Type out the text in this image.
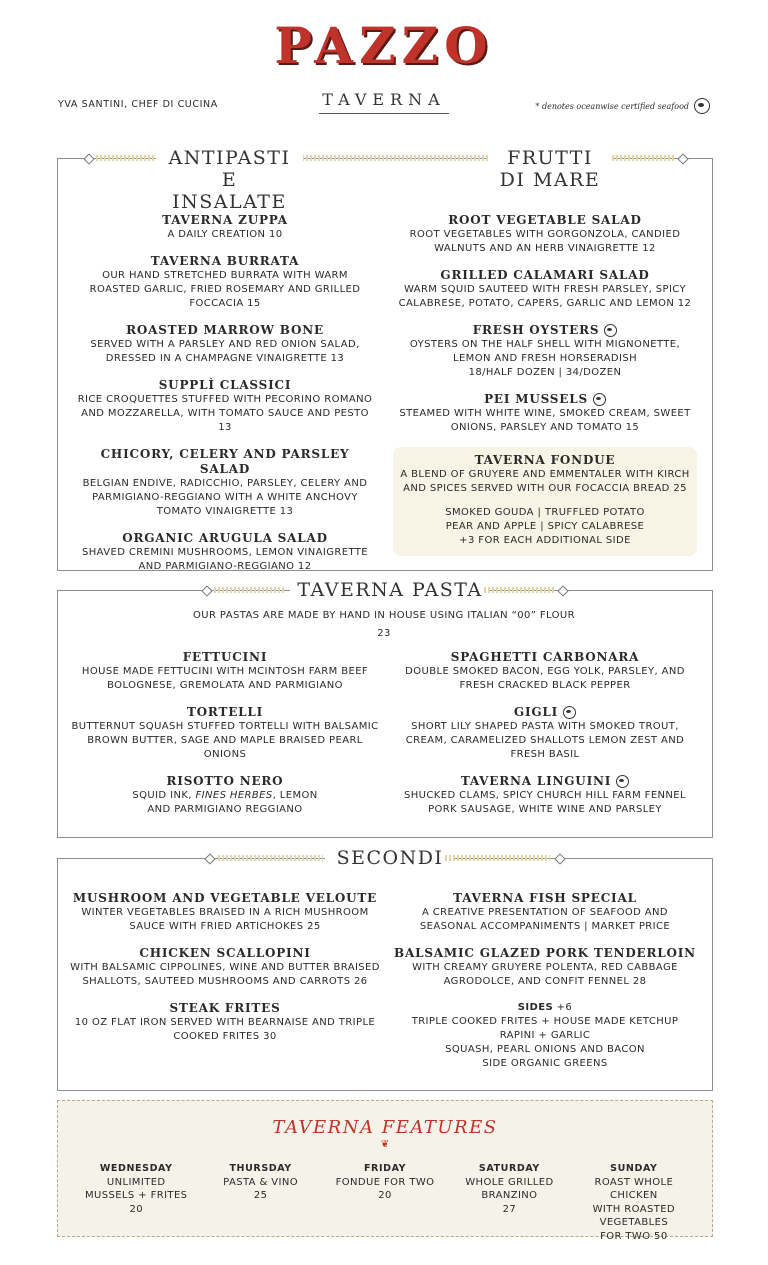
PAZZO
TAVERNA
YVA SANTINI, CHEF DI CUCINA	* denotes oceanwise certified seafood
ANTIPASTI
E INSALATE
FRUTTI
DI MARE
TAVERNA ZUPPA
A DAILY CREATION 10
TAVERNA BURRATA
OUR HAND STRETCHED BURRATA WITH WARM ROASTED GARLIC, FRIED ROSEMARY AND GRILLED FOCCACIA 15
ROASTED MARROW BONE
SERVED WITH A PARSLEY AND RED ONION SALAD, DRESSED IN A CHAMPAGNE VINAIGRETTE 13
SUPPLÌ CLASSICI
RICE CROQUETTES STUFFED WITH PECORINO ROMANO AND MOZZARELLA, WITH TOMATO SAUCE AND PESTO 13
CHICORY, CELERY AND PARSLEY SALAD
BELGIAN ENDIVE, RADICCHIO, PARSLEY, CELERY AND PARMIGIANO-REGGIANO WITH A WHITE ANCHOVY TOMATO VINAIGRETTE 13
ORGANIC ARUGULA SALAD
SHAVED CREMINI MUSHROOMS, LEMON VINAIGRETTE AND PARMIGIANO-REGGIANO 12
ROOT VEGETABLE SALAD
ROOT VEGETABLES WITH GORGONZOLA, CANDIED WALNUTS AND AN HERB VINAIGRETTE 12
GRILLED CALAMARI SALAD
WARM SQUID SAUTEED WITH FRESH PARSLEY, SPICY CALABRESE, POTATO, CAPERS, GARLIC AND LEMON 12
FRESH OYSTERS
OYSTERS ON THE HALF SHELL WITH MIGNONETTE, LEMON AND FRESH HORSERADISH
18/HALF DOZEN | 34/DOZEN
PEI MUSSELS
STEAMED WITH WHITE WINE, SMOKED CREAM, SWEET ONIONS, PARSLEY AND TOMATO 15
TAVERNA FONDUE
A BLEND OF GRUYERE AND EMMENTALER WITH KIRCH AND SPICES SERVED WITH OUR FOCACCIA BREAD 25
SMOKED GOUDA | TRUFFLED POTATO
PEAR AND APPLE | SPICY CALABRESE
+3 FOR EACH ADDITIONAL SIDE
TAVERNA PASTA
OUR PASTAS ARE MADE BY HAND IN HOUSE USING ITALIAN “00” FLOUR
23
FETTUCINI
HOUSE MADE FETTUCINI WITH MCINTOSH FARM BEEF BOLOGNESE, GREMOLATA AND PARMIGIANO
TORTELLI
BUTTERNUT SQUASH STUFFED TORTELLI WITH BALSAMIC BROWN BUTTER, SAGE AND MAPLE BRAISED PEARL ONIONS
RISOTTO NERO
SQUID INK, FINES HERBES, LEMON
AND PARMIGIANO REGGIANO
SPAGHETTI CARBONARA
DOUBLE SMOKED BACON, EGG YOLK, PARSLEY, AND FRESH CRACKED BLACK PEPPER
GIGLI
SHORT LILY SHAPED PASTA WITH SMOKED TROUT, CREAM, CARAMELIZED SHALLOTS LEMON ZEST AND FRESH BASIL
TAVERNA LINGUINI
SHUCKED CLAMS, SPICY CHURCH HILL FARM FENNEL PORK SAUSAGE, WHITE WINE AND PARSLEY
SECONDI
MUSHROOM AND VEGETABLE VELOUTE
WINTER VEGETABLES BRAISED IN A RICH MUSHROOM SAUCE WITH FRIED ARTICHOKES 25
CHICKEN SCALLOPINI
WITH BALSAMIC CIPPOLINES, WINE AND BUTTER BRAISED SHALLOTS, SAUTEED MUSHROOMS AND CARROTS 26
STEAK FRITES
10 OZ FLAT IRON SERVED WITH BEARNAISE AND TRIPLE COOKED FRITES 30
TAVERNA FISH SPECIAL
A CREATIVE PRESENTATION OF SEAFOOD AND SEASONAL ACCOMPANIMENTS | MARKET PRICE
BALSAMIC GLAZED PORK TENDERLOIN
WITH CREAMY GRUYERE POLENTA, RED CABBAGE AGRODOLCE, AND CONFIT FENNEL 28
SIDES +6
TRIPLE COOKED FRITES + HOUSE MADE KETCHUP
RAPINI + GARLIC
SQUASH, PEARL ONIONS AND BACON
SIDE ORGANIC GREENS
TAVERNA FEATURES
❦
WEDNESDAY
UNLIMITED
MUSSELS + FRITES
20
THURSDAY
PASTA & VINO
25
FRIDAY
FONDUE FOR TWO
20
SATURDAY
WHOLE GRILLED
BRANZINO
27
SUNDAY
ROAST WHOLE CHICKEN
WITH ROASTED VEGETABLES
FOR TWO 50
